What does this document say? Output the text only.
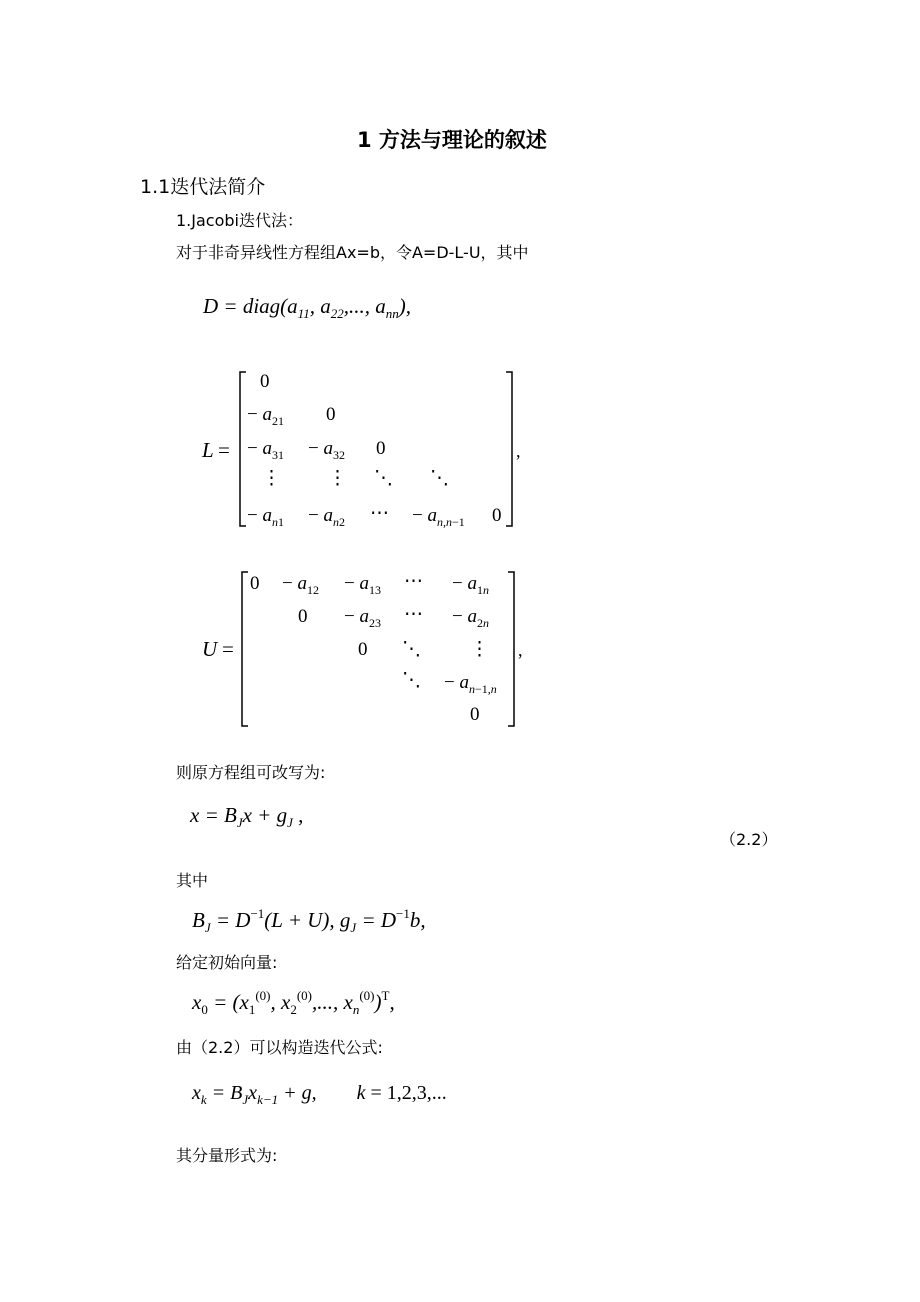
1 方法与理论的叙述
1.1迭代法简介
1.Jacobi迭代法：
对于非奇异线性方程组Ax=b，令A=D-L-U，其中
$D = diag(a_{11}$, $a_{22}$,..., $a_{nn}$),
L =
0
− $a_{21}$ 0
− $a_{31} - a_{32}$ 0
⋮ ⋮ ⋱ ⋱
− $a_n1 - a_n2$ ⋯ − $a_{n,n}-1$ 0
,
U =
$0 - a_{12} - a_{13}$ ⋯ − $a_1n$
$0 - a_{23}$ ⋯ − $a_2n$
0 ⋱	⋮
⋱ − $a_n-1,n$
0
,
则原方程组可改写为:
$x = B_Jx + g_J$ ,
（2.2）
其中
$B_J = D^{-1}(L + U)$, $g_J = D^{-1}b$,
给定初始向量:
$x_0 = (x_1^{(0)}$, $x_2^{(0)}$,..., $x_n^{(0)})^T$,
由（2.2）可以构造迭代公式:
$x_k = B_Jx_{k-1} + g$,        k = 1,2,3,...
其分量形式为:
